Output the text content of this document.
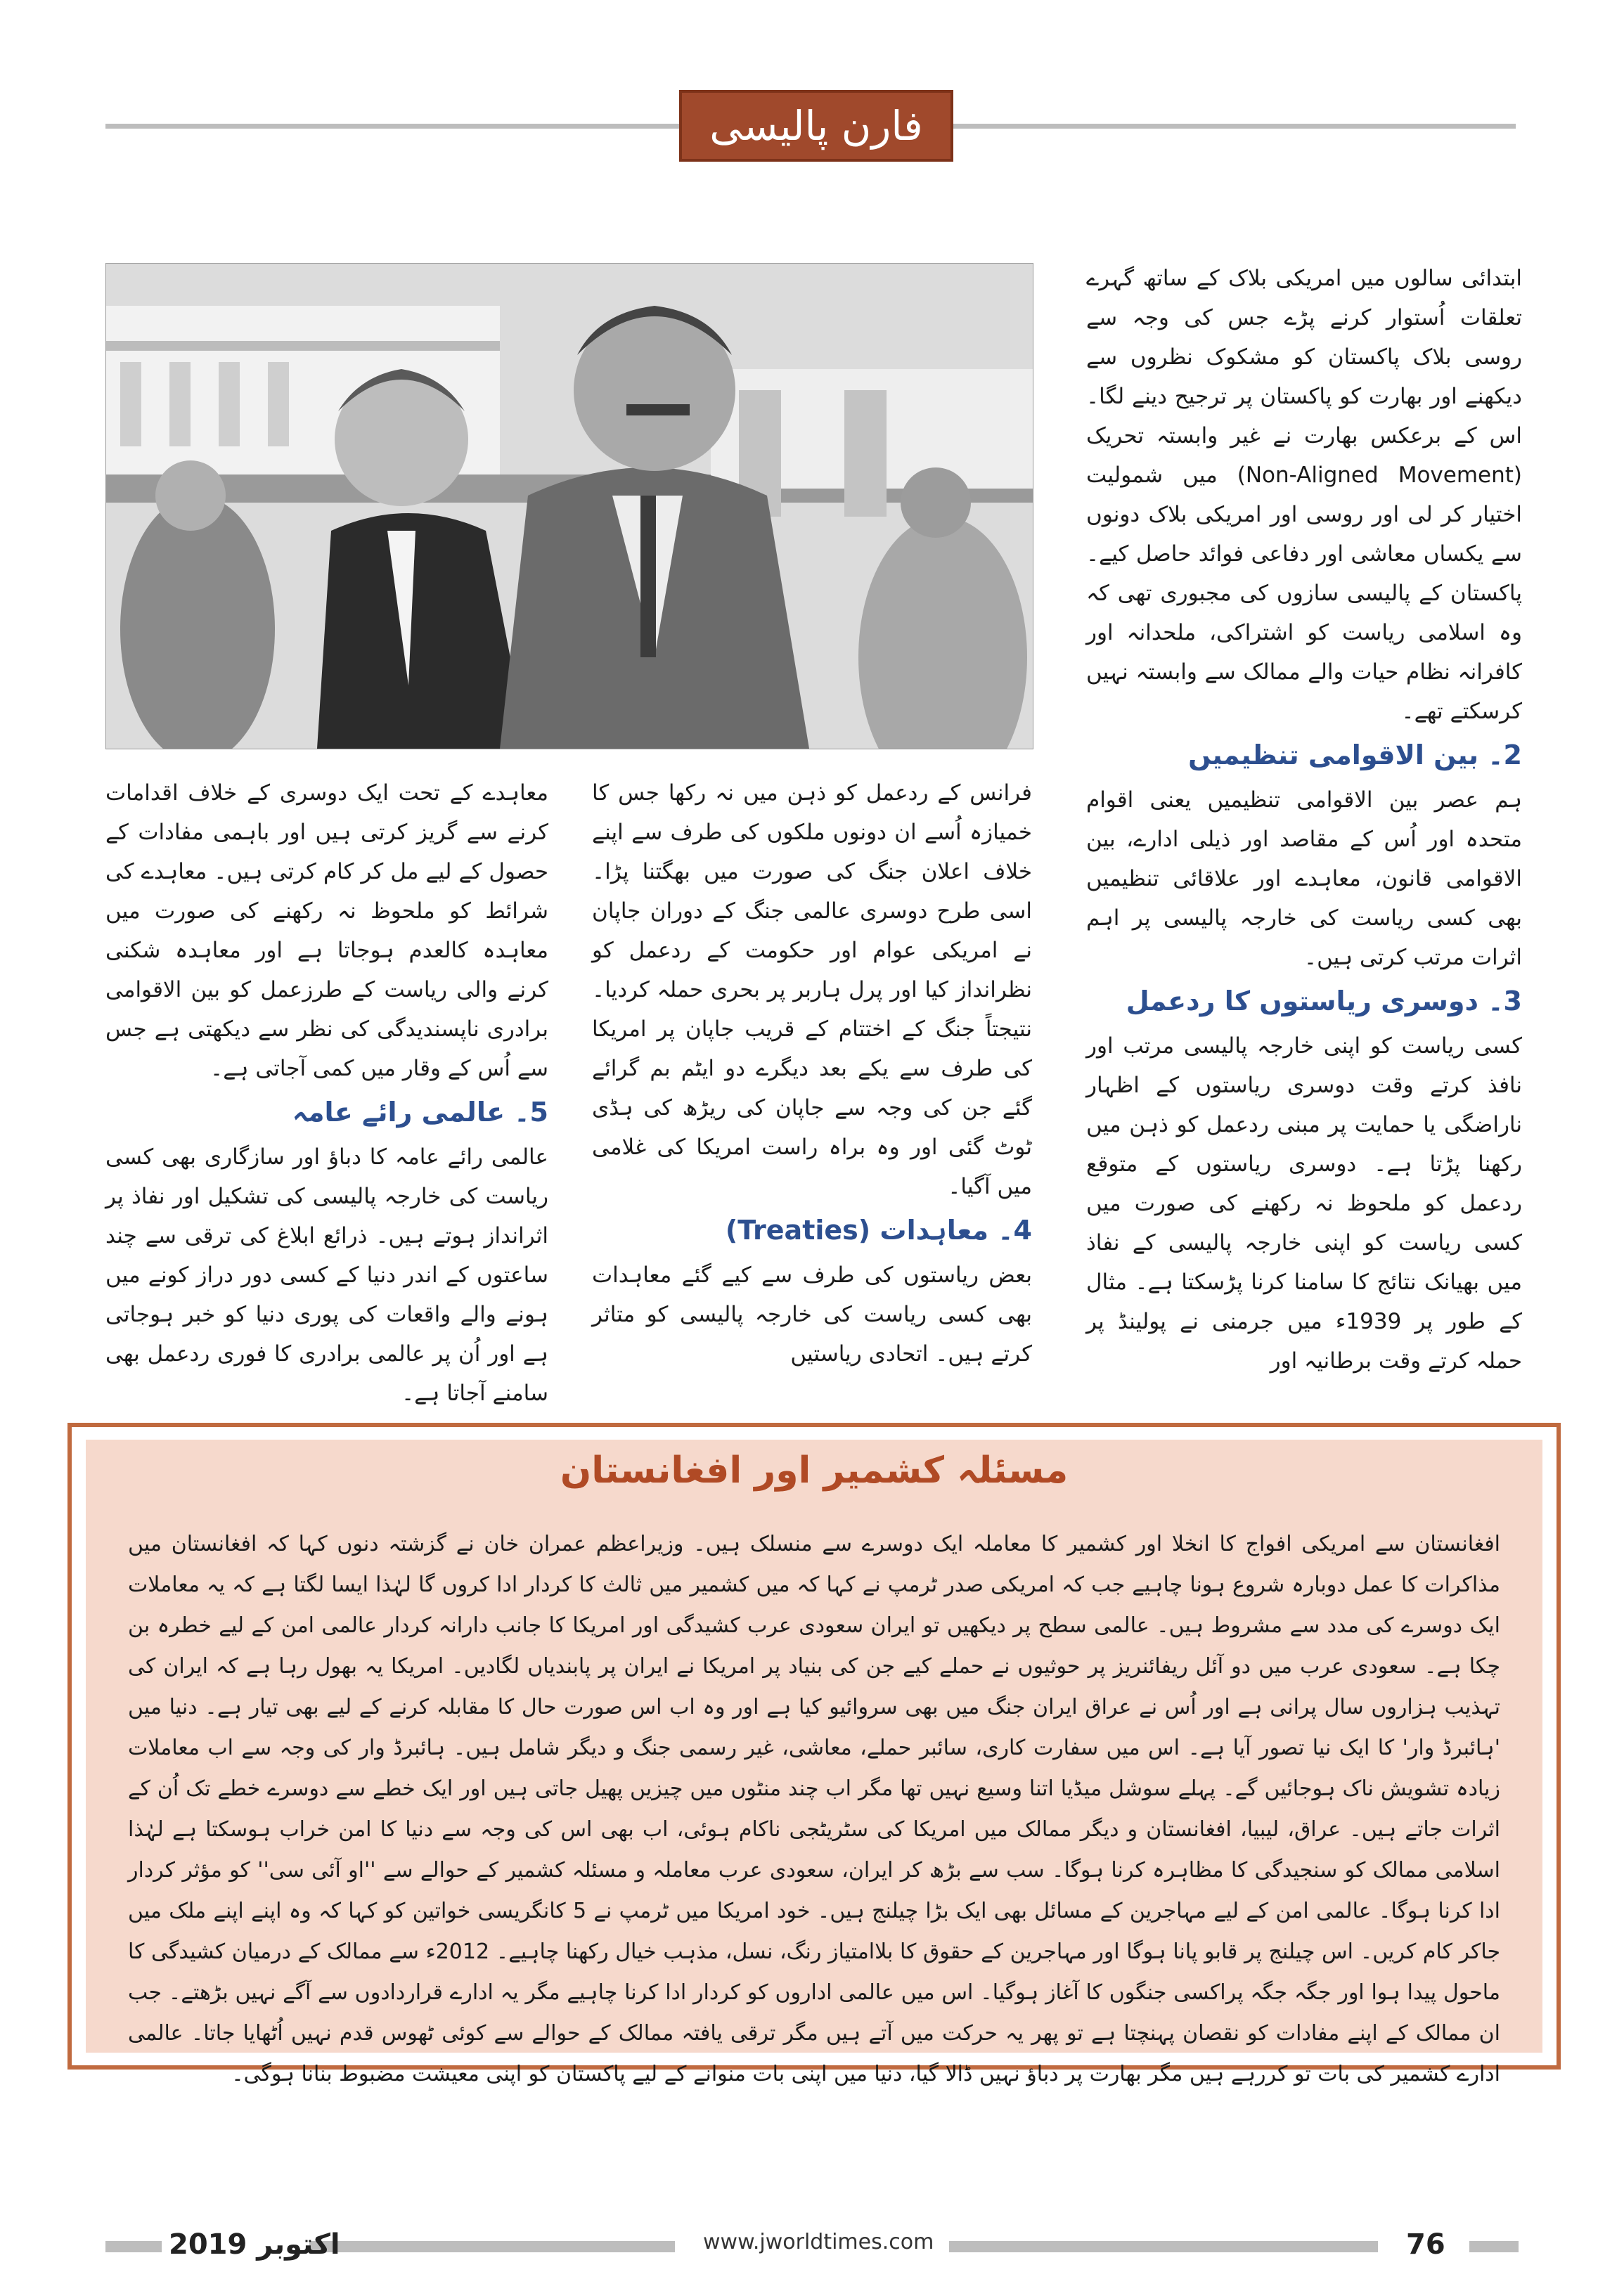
فارن پالیسی

ابتدائی سالوں میں امریکی بلاک کے ساتھ گہرے تعلقات اُستوار کرنے پڑے جس کی وجہ سے روسی بلاک پاکستان کو مشکوک نظروں سے دیکھنے اور بھارت کو پاکستان پر ترجیح دینے لگا۔ اس کے برعکس بھارت نے غیر وابستہ تحریک (Non-Aligned Movement) میں شمولیت اختیار کر لی اور روسی اور امریکی بلاک دونوں سے یکساں معاشی اور دفاعی فوائد حاصل کیے۔ پاکستان کے پالیسی سازوں کی مجبوری تھی کہ وہ اسلامی ریاست کو اشتراکی، ملحدانہ اور کافرانہ نظام حیات والے ممالک سے وابستہ نہیں کرسکتے تھے۔

2۔ بین الاقوامی تنظیمیں

ہم عصر بین الاقوامی تنظیمیں یعنی اقوام متحدہ اور اُس کے مقاصد اور ذیلی ادارے، بین الاقوامی قانون، معاہدے اور علاقائی تنظیمیں بھی کسی ریاست کی خارجہ پالیسی پر اہم اثرات مرتب کرتی ہیں۔

3۔ دوسری ریاستوں کا ردعمل

کسی ریاست کو اپنی خارجہ پالیسی مرتب اور نافذ کرتے وقت دوسری ریاستوں کے اظہار ناراضگی یا حمایت پر مبنی ردعمل کو ذہن میں رکھنا پڑتا ہے۔ دوسری ریاستوں کے متوقع ردعمل کو ملحوظ نہ رکھنے کی صورت میں کسی ریاست کو اپنی خارجہ پالیسی کے نفاذ میں بھیانک نتائج کا سامنا کرنا پڑسکتا ہے۔ مثال کے طور پر 1939ء میں جرمنی نے پولینڈ پر حملہ کرتے وقت برطانیہ اور

فرانس کے ردعمل کو ذہن میں نہ رکھا جس کا خمیازہ اُسے ان دونوں ملکوں کی طرف سے اپنے خلاف اعلان جنگ کی صورت میں بھگتنا پڑا۔ اسی طرح دوسری عالمی جنگ کے دوران جاپان نے امریکی عوام اور حکومت کے ردعمل کو نظرانداز کیا اور پرل ہاربر پر بحری حملہ کردیا۔ نتیجتاً جنگ کے اختتام کے قریب جاپان پر امریکا کی طرف سے یکے بعد دیگرے دو ایٹم بم گرائے گئے جن کی وجہ سے جاپان کی ریڑھ کی ہڈی ٹوٹ گئی اور وہ براہ راست امریکا کی غلامی میں آگیا۔

4۔ معاہدات (Treaties)

بعض ریاستوں کی طرف سے کیے گئے معاہدات بھی کسی ریاست کی خارجہ پالیسی کو متاثر کرتے ہیں۔ اتحادی ریاستیں

معاہدے کے تحت ایک دوسری کے خلاف اقدامات کرنے سے گریز کرتی ہیں اور باہمی مفادات کے حصول کے لیے مل کر کام کرتی ہیں۔ معاہدے کی شرائط کو ملحوظ نہ رکھنے کی صورت میں معاہدہ کالعدم ہوجاتا ہے اور معاہدہ شکنی کرنے والی ریاست کے طرزعمل کو بین الاقوامی برادری ناپسندیدگی کی نظر سے دیکھتی ہے جس سے اُس کے وقار میں کمی آجاتی ہے۔

5۔ عالمی رائے عامہ

عالمی رائے عامہ کا دباؤ اور سازگاری بھی کسی ریاست کی خارجہ پالیسی کی تشکیل اور نفاذ پر اثرانداز ہوتے ہیں۔ ذرائع ابلاغ کی ترقی سے چند ساعتوں کے اندر دنیا کے کسی دور دراز کونے میں ہونے والے واقعات کی پوری دنیا کو خبر ہوجاتی ہے اور اُن پر عالمی برادری کا فوری ردعمل بھی سامنے آجاتا ہے۔

مسئلہ کشمیر اور افغانستان
افغانستان سے امریکی افواج کا انخلا اور کشمیر کا معاملہ ایک دوسرے سے منسلک ہیں۔ وزیراعظم عمران خان نے گزشتہ دنوں کہا کہ افغانستان میں مذاکرات کا عمل دوبارہ شروع ہونا چاہیے جب کہ امریکی صدر ٹرمپ نے کہا کہ میں کشمیر میں ثالث کا کردار ادا کروں گا لہٰذا ایسا لگتا ہے کہ یہ معاملات ایک دوسرے کی مدد سے مشروط ہیں۔ عالمی سطح پر دیکھیں تو ایران سعودی عرب کشیدگی اور امریکا کا جانب دارانہ کردار عالمی امن کے لیے خطرہ بن چکا ہے۔ سعودی عرب میں دو آئل ریفائنریز پر حوثیوں نے حملے کیے جن کی بنیاد پر امریکا نے ایران پر پابندیاں لگادیں۔ امریکا یہ بھول رہا ہے کہ ایران کی تہذیب ہزاروں سال پرانی ہے اور اُس نے عراق ایران جنگ میں بھی سروائیو کیا ہے اور وہ اب اس صورت حال کا مقابلہ کرنے کے لیے بھی تیار ہے۔ دنیا میں 'ہائبرڈ وار' کا ایک نیا تصور آیا ہے۔ اس میں سفارت کاری، سائبر حملے، معاشی، غیر رسمی جنگ و دیگر شامل ہیں۔ ہائبرڈ وار کی وجہ سے اب معاملات زیادہ تشویش ناک ہوجائیں گے۔ پہلے سوشل میڈیا اتنا وسیع نہیں تھا مگر اب چند منٹوں میں چیزیں پھیل جاتی ہیں اور ایک خطے سے دوسرے خطے تک اُن کے اثرات جاتے ہیں۔ عراق، لیبیا، افغانستان و دیگر ممالک میں امریکا کی سٹریٹجی ناکام ہوئی، اب بھی اس کی وجہ سے دنیا کا امن خراب ہوسکتا ہے لہٰذا اسلامی ممالک کو سنجیدگی کا مظاہرہ کرنا ہوگا۔ سب سے بڑھ کر ایران، سعودی عرب معاملہ و مسئلہ کشمیر کے حوالے سے ''او آئی سی'' کو مؤثر کردار ادا کرنا ہوگا۔ عالمی امن کے لیے مہاجرین کے مسائل بھی ایک بڑا چیلنج ہیں۔ خود امریکا میں ٹرمپ نے 5 کانگریسی خواتین کو کہا کہ وہ اپنے اپنے ملک میں جاکر کام کریں۔ اس چیلنج پر قابو پانا ہوگا اور مہاجرین کے حقوق کا بلاامتیاز رنگ، نسل، مذہب خیال رکھنا چاہیے۔ 2012ء سے ممالک کے درمیان کشیدگی کا ماحول پیدا ہوا اور جگہ جگہ پراکسی جنگوں کا آغاز ہوگیا۔ اس میں عالمی اداروں کو کردار ادا کرنا چاہیے مگر یہ ادارے قراردادوں سے آگے نہیں بڑھتے۔ جب ان ممالک کے اپنے مفادات کو نقصان پہنچتا ہے تو پھر یہ حرکت میں آتے ہیں مگر ترقی یافتہ ممالک کے حوالے سے کوئی ٹھوس قدم نہیں اُٹھایا جاتا۔ عالمی ادارے کشمیر کی بات تو کررہے ہیں مگر بھارت پر دباؤ نہیں ڈالا گیا، دنیا میں اپنی بات منوانے کے لیے پاکستان کو اپنی معیشت مضبوط بنانا ہوگی۔
اکتوبر 2019	www.jworldtimes.com	76
